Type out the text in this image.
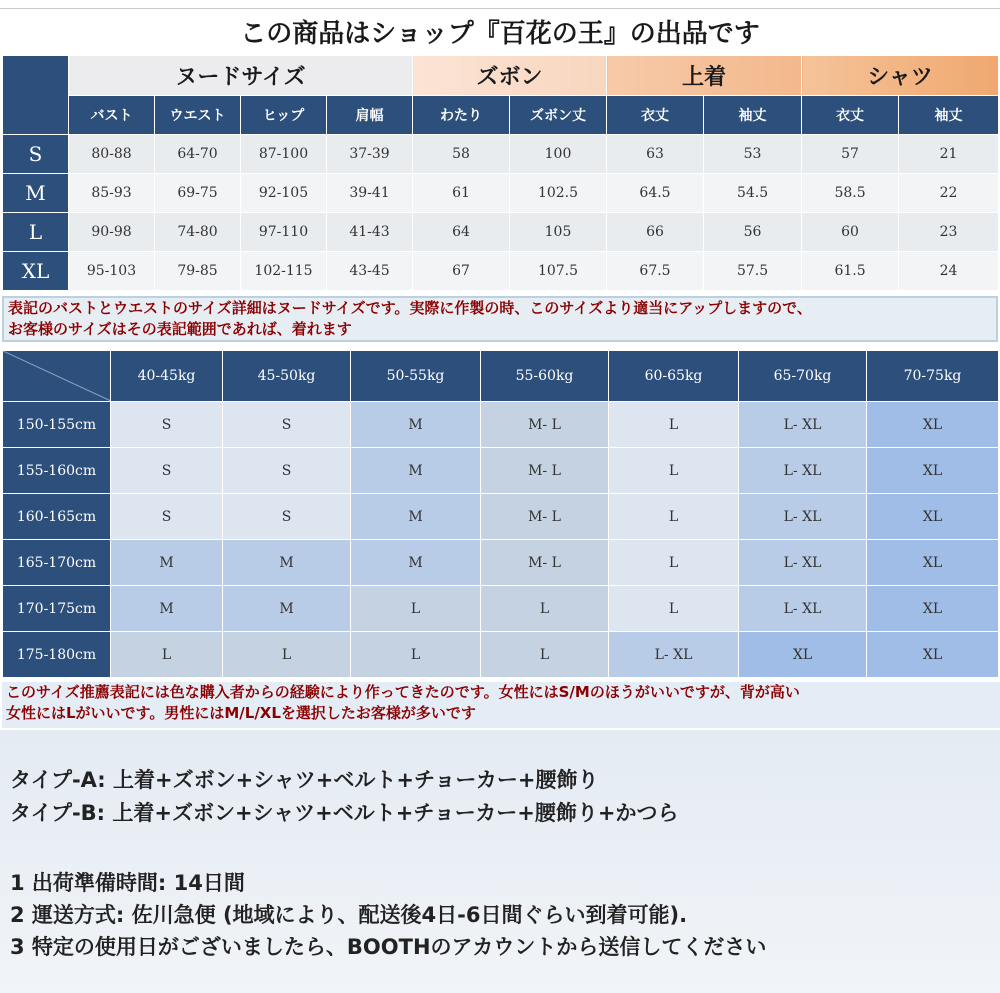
この商品はショップ『百花の王』の出品です
	ヌードサイズ				ズボン		上着		シャツ	
	バスト	ウエスト	ヒップ	肩幅	わたり	ズボン丈	衣丈	袖丈	衣丈	袖丈
S	80-88	64-70	87-100	37-39	58	100	63	53	57	21
M	85-93	69-75	92-105	39-41	61	102.5	64.5	54.5	58.5	22
L	90-98	74-80	97-110	41-43	64	105	66	56	60	23
XL	95-103	79-85	102-115	43-45	67	107.5	67.5	57.5	61.5	24
表記のバストとウエストのサイズ詳細はヌードサイズです。実際に作製の時、このサイズより適当にアップしますので、
お客様のサイズはその表記範囲であれば、着れます
	40-45kg	45-50kg	50-55kg	55-60kg	60-65kg	65-70kg	70-75kg
150-155cm	S	S	M	M- L	L	L- XL	XL
155-160cm	S	S	M	M- L	L	L- XL	XL
160-165cm	S	S	M	M- L	L	L- XL	XL
165-170cm	M	M	M	M- L	L	L- XL	XL
170-175cm	M	M	L	L	L	L- XL	XL
175-180cm	L	L	L	L	L- XL	XL	XL
このサイズ推薦表記には色な購入者からの経験により作ってきたのです。女性にはS/Mのほうがいいですが、背が高い
女性にはLがいいです。男性にはM/L/XLを選択したお客様が多いです
タイプ-A: 上着+ズボン+シャツ+ベルト+チョーカー+腰飾り
タイプ-B: 上着+ズボン+シャツ+ベルト+チョーカー+腰飾り+かつら
1 出荷準備時間: 14日間
2 運送方式: 佐川急便 (地域により、配送後4日-6日間ぐらい到着可能).
3 特定の使用日がございましたら、BOOTHのアカウントから送信してください
